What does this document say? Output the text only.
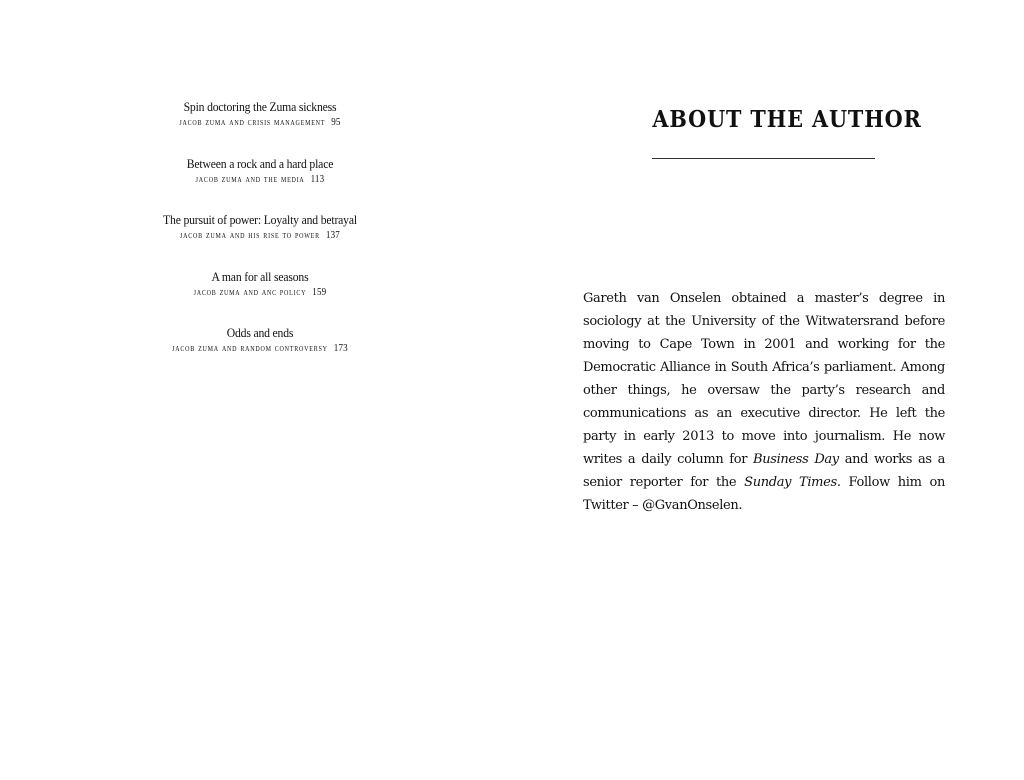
Spin doctoring the Zuma sickness
jacob zuma and crisis management 95
Between a rock and a hard place
jacob zuma and the media 113
The pursuit of power: Loyalty and betrayal
jacob zuma and his rise to power 137
A man for all seasons
jacob zuma and anc policy 159
Odds and ends
jacob zuma and random controversy 173
ABOUT THE AUTHOR

Gareth van Onselen obtained a master’s degree in sociology at the University of the Witwatersrand before moving to Cape Town in 2001 and working for the Democratic Alliance in South Africa’s parliament. Among other things, he oversaw the party’s research and communications as an executive director. He left the party in early 2013 to move into journalism. He now writes a daily column for Business Day and works as a senior reporter for the Sunday Times. Follow him on Twitter – @GvanOnselen.
